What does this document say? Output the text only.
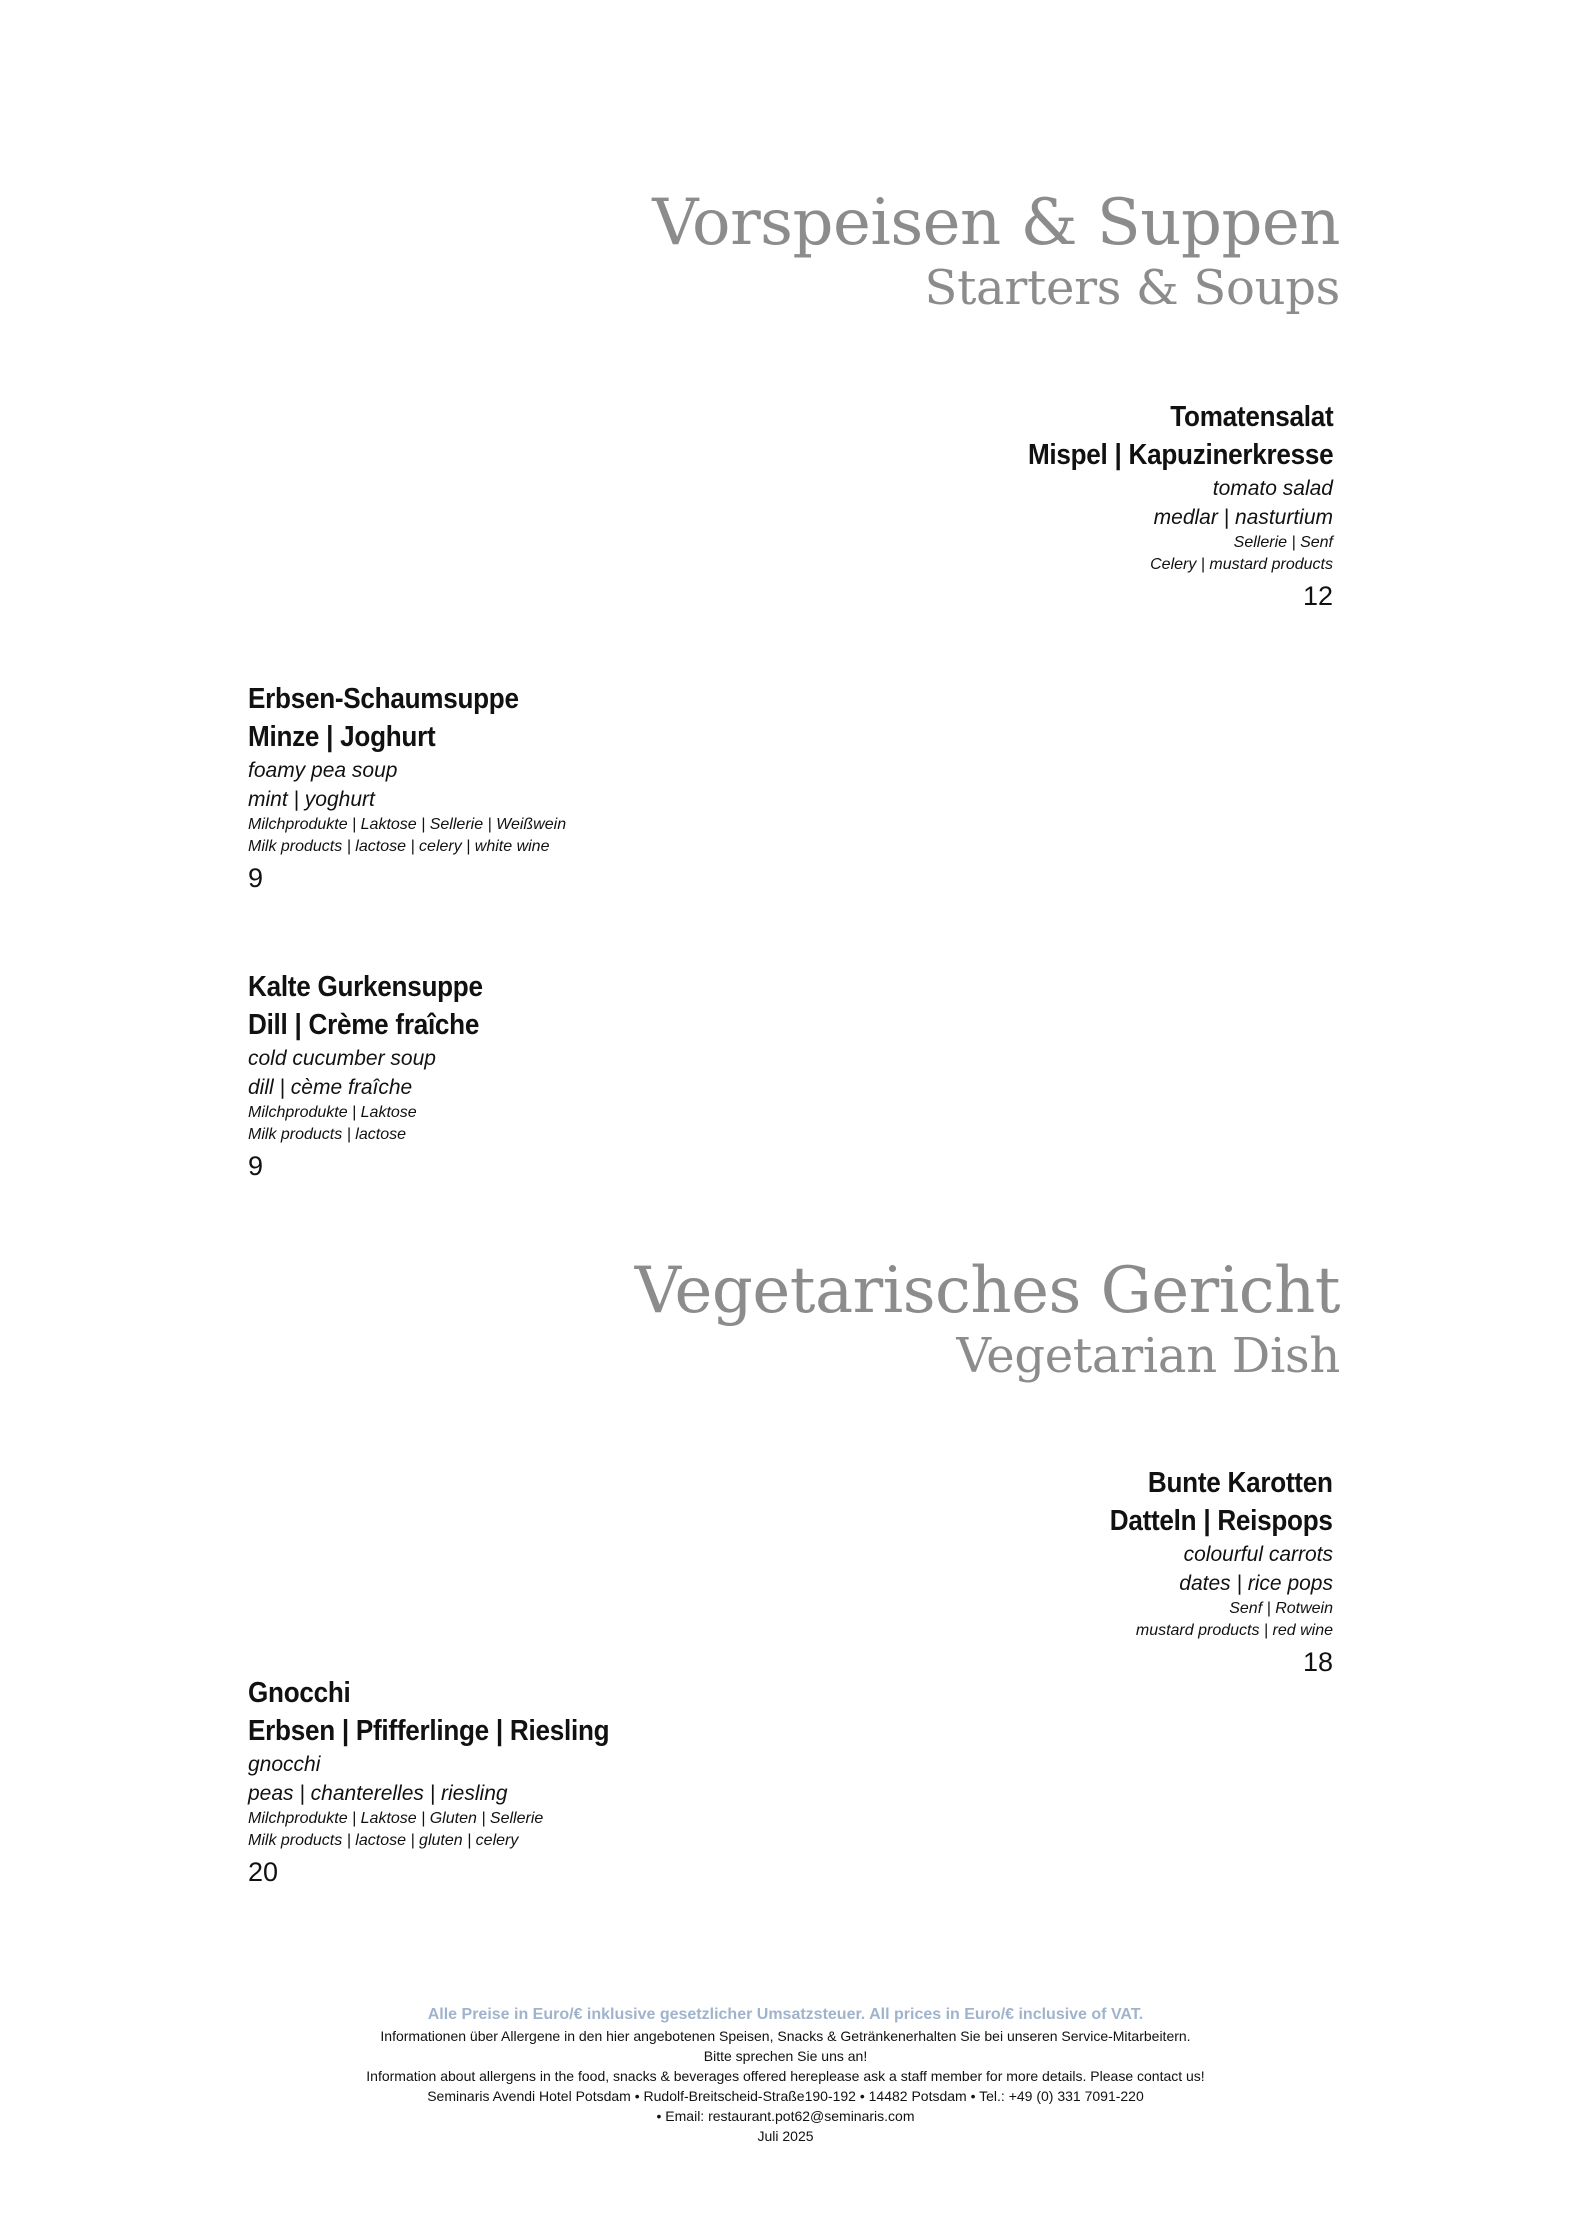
Vorspeisen & Suppen
Starters & Soups
Tomatensalat
Mispel | Kapuzinerkresse
tomato salad
medlar | nasturtium
Sellerie | Senf
Celery | mustard products
12
Erbsen-Schaumsuppe
Minze | Joghurt
foamy pea soup
mint | yoghurt
Milchprodukte | Laktose | Sellerie | Weißwein
Milk products | lactose | celery | white wine
9
Kalte Gurkensuppe
Dill | Crème fraîche
cold cucumber soup
dill | cème fraîche
Milchprodukte | Laktose
Milk products | lactose
9
Vegetarisches Gericht
Vegetarian Dish
Bunte Karotten
Datteln | Reispops
colourful carrots
dates | rice pops
Senf | Rotwein
mustard products | red wine
18
Gnocchi
Erbsen | Pfifferlinge | Riesling
gnocchi
peas | chanterelles | riesling
Milchprodukte | Laktose | Gluten | Sellerie
Milk products | lactose | gluten | celery
20
Alle Preise in Euro/€ inklusive gesetzlicher Umsatzsteuer. All prices in Euro/€ inclusive of VAT.
Informationen über Allergene in den hier angebotenen Speisen, Snacks & Getränkenerhalten Sie bei unseren Service-Mitarbeitern.
Bitte sprechen Sie uns an!
Information about allergens in the food, snacks & beverages offered hereplease ask a staff member for more details. Please contact us!
Seminaris Avendi Hotel Potsdam • Rudolf-Breitscheid-Straße190-192 • 14482 Potsdam • Tel.: +49 (0) 331 7091-220
• Email: restaurant.pot62@seminaris.com
Juli 2025
